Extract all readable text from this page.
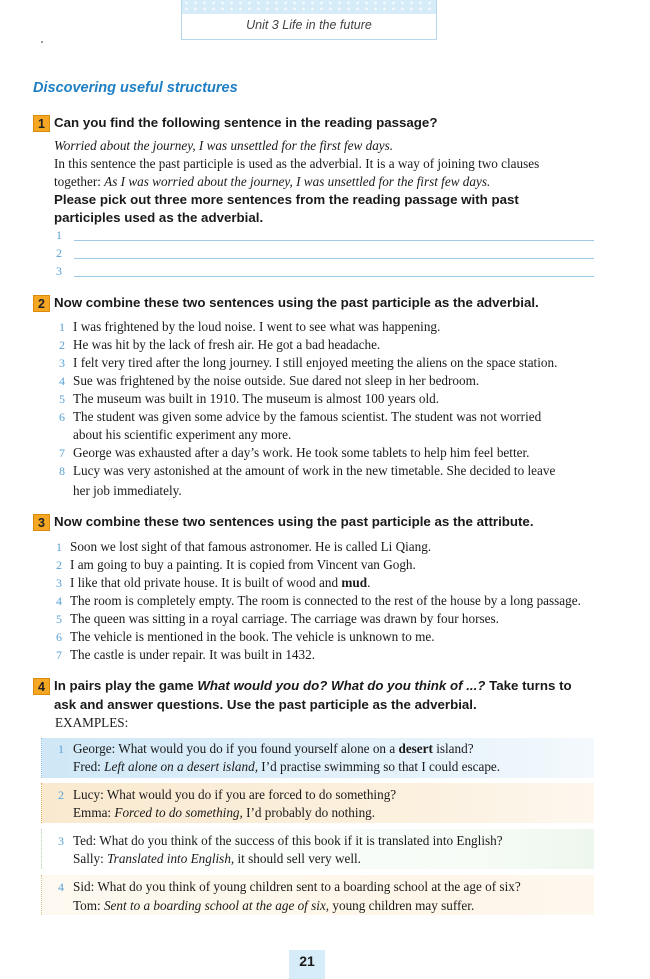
Unit 3 Life in the future
Discovering useful structures
1 Can you find the following sentence in the reading passage?
Worried about the journey, I was unsettled for the first few days.
In this sentence the past participle is used as the adverbial. It is a way of joining two clauses
together: As I was worried about the journey, I was unsettled for the first few days.
Please pick out three more sentences from the reading passage with past
participles used as the adverbial.
1
2
3
2 Now combine these two sentences using the past participle as the adverbial.
1 I was frightened by the loud noise. I went to see what was happening.
2 He was hit by the lack of fresh air. He got a bad headache.
3 I felt very tired after the long journey. I still enjoyed meeting the aliens on the space station.
4 Sue was frightened by the noise outside. Sue dared not sleep in her bedroom.
5 The museum was built in 1910. The museum is almost 100 years old.
6 The student was given some advice by the famous scientist. The student was not worried
about his scientific experiment any more.
7 George was exhausted after a day’s work. He took some tablets to help him feel better.
8 Lucy was very astonished at the amount of work in the new timetable. She decided to leave
her job immediately.
3 Now combine these two sentences using the past participle as the attribute.
1 Soon we lost sight of that famous astronomer. He is called Li Qiang.
2 I am going to buy a painting. It is copied from Vincent van Gogh.
3 I like that old private house. It is built of wood and mud.
4 The room is completely empty. The room is connected to the rest of the house by a long passage.
5 The queen was sitting in a royal carriage. The carriage was drawn by four horses.
6 The vehicle is mentioned in the book. The vehicle is unknown to me.
7 The castle is under repair. It was built in 1432.
4 In pairs play the game What would you do? What do you think of ...? Take turns to
ask and answer questions. Use the past participle as the adverbial.
EXAMPLES:
1 George: What would you do if you found yourself alone on a desert island?
Fred: Left alone on a desert island, I’d practise swimming so that I could escape.
2 Lucy: What would you do if you are forced to do something?
Emma: Forced to do something, I’d probably do nothing.
3 Ted: What do you think of the success of this book if it is translated into English?
Sally: Translated into English, it should sell very well.
4 Sid: What do you think of young children sent to a boarding school at the age of six?
Tom: Sent to a boarding school at the age of six, young children may suffer.
21
